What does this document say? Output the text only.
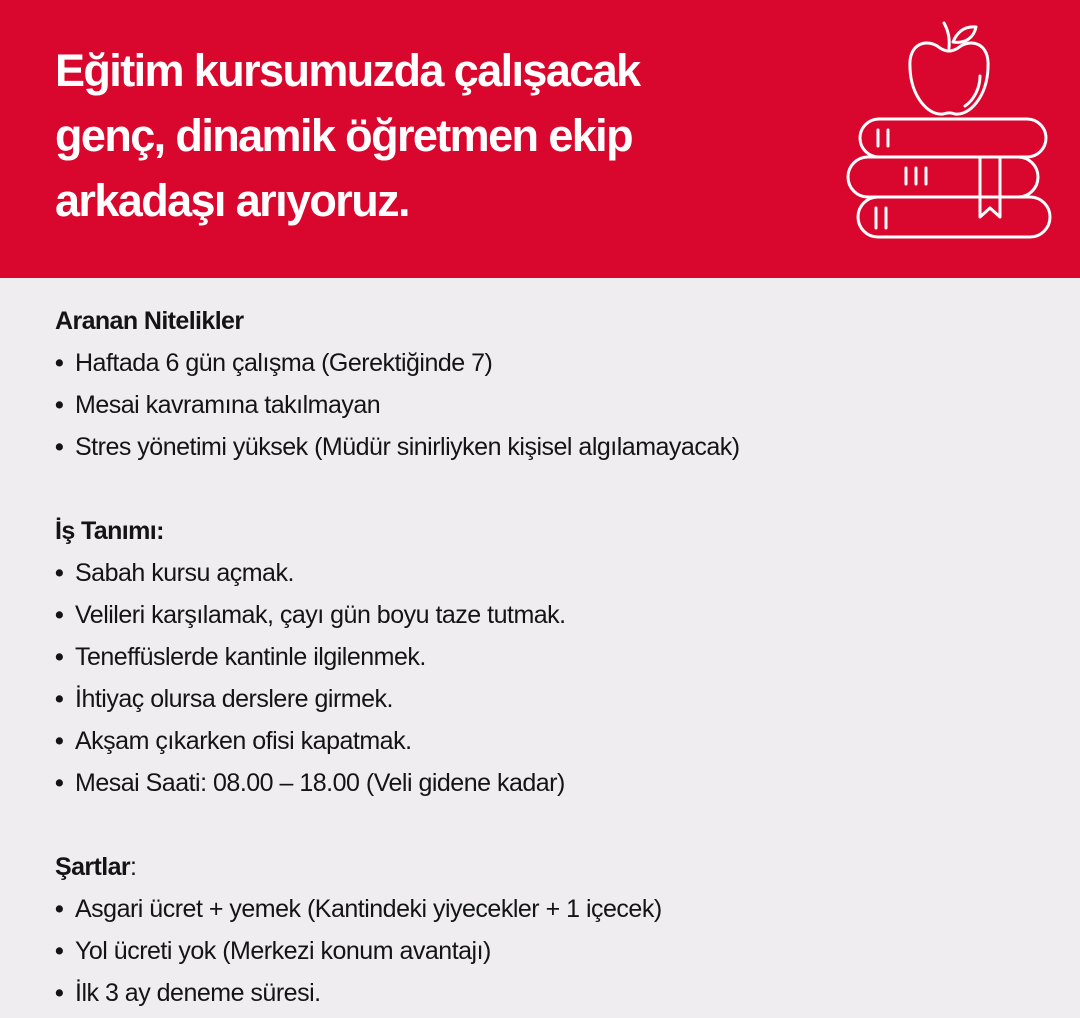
Eğitim kursumuzda çalışacak
genç, dinamik öğretmen ekip
arkadaşı arıyoruz.
Aranan Nitelikler
• Haftada 6 gün çalışma (Gerektiğinde 7)
• Mesai kavramına takılmayan
• Stres yönetimi yüksek (Müdür sinirliyken kişisel algılamayacak)
İş Tanımı:
• Sabah kursu açmak.
• Velileri karşılamak, çayı gün boyu taze tutmak.
• Teneffüslerde kantinle ilgilenmek.
• İhtiyaç olursa derslere girmek.
• Akşam çıkarken ofisi kapatmak.
• Mesai Saati: 08.00 – 18.00 (Veli gidene kadar)
Şartlar:
• Asgari ücret + yemek (Kantindeki yiyecekler + 1 içecek)
• Yol ücreti yok (Merkezi konum avantajı)
• İlk 3 ay deneme süresi.
